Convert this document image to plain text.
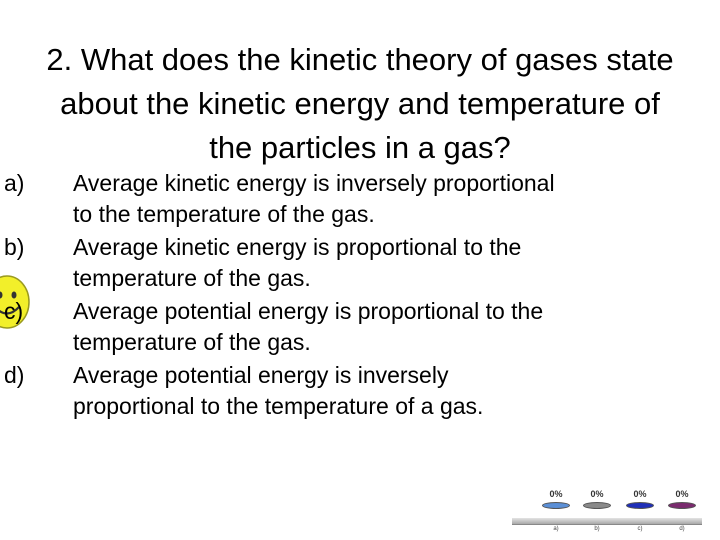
2. What does the kinetic theory of gases state about the kinetic energy and temperature of the particles in a gas?
a)	Average kinetic energy is inversely proportional to the temperature of the gas.
b)	Average kinetic energy is proportional to the temperature of the gas.
c)	Average potential energy is proportional to the temperature of the gas.
d)	Average potential energy is inversely proportional to the temperature of a gas.
0%	0%	0%	0%
a)	b)	c)	d)
